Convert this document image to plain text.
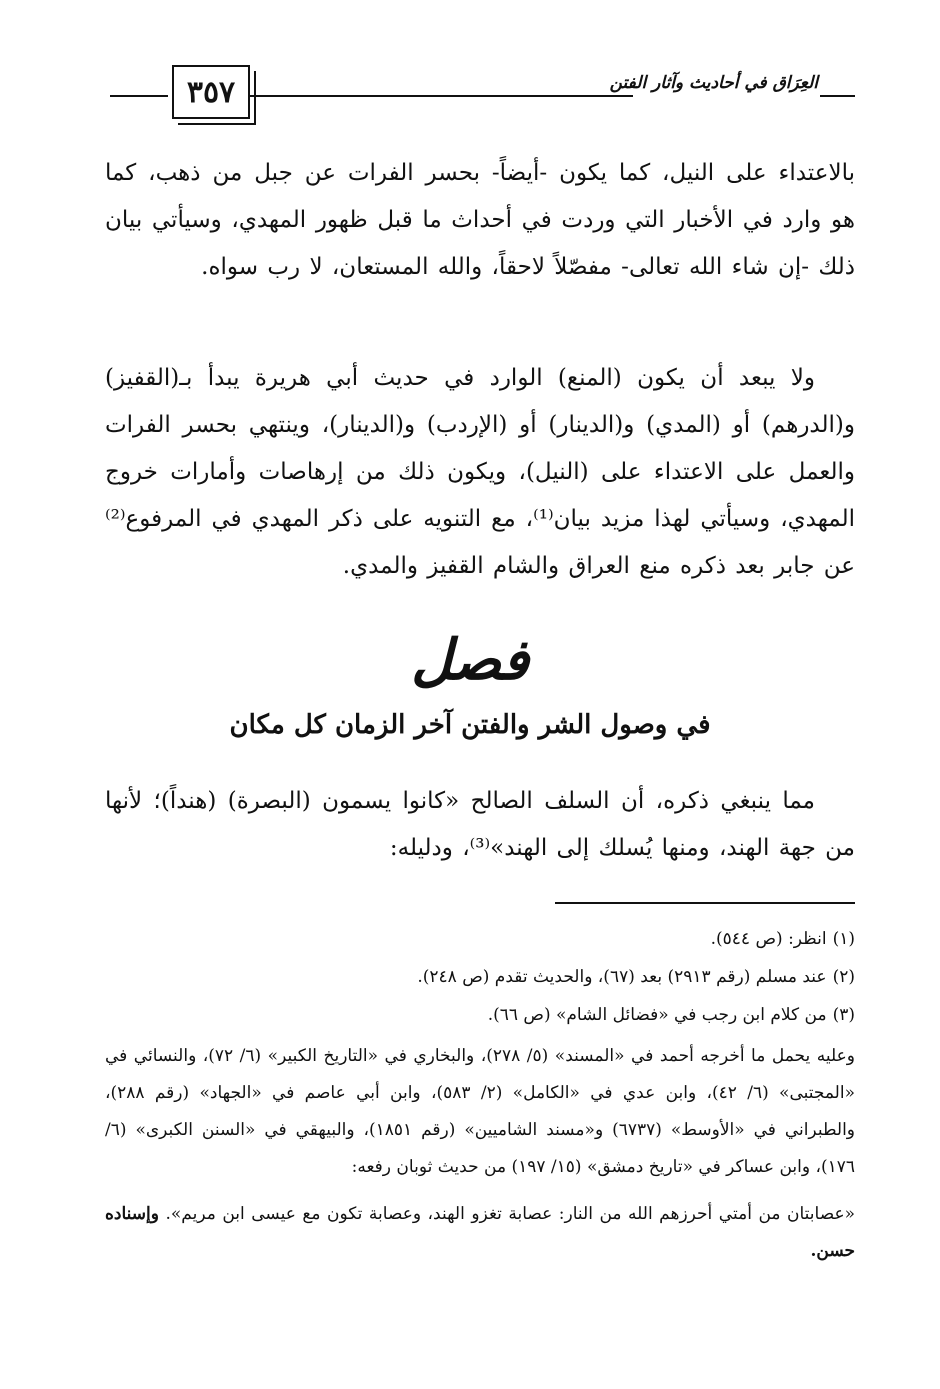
٣٥٧	العِرَاق في أحاديث وآثار الفتن
بالاعتداء على النيل، كما يكون -أيضاً- بحسر الفرات عن جبل من ذهب، كما هو وارد في الأخبار التي وردت في أحداث ما قبل ظهور المهدي، وسيأتي بيان ذلك -إن شاء الله تعالى- مفصّلاً لاحقاً، والله المستعان، لا رب سواه.
ولا يبعد أن يكون (المنع) الوارد في حديث أبي هريرة يبدأ بـ(القفيز) و(الدرهم) أو (المدي) و(الدينار) أو (الإردب) و(الدينار)، وينتهي بحسر الفرات والعمل على الاعتداء على (النيل)، ويكون ذلك من إرهاصات وأمارات خروج المهدي، وسيأتي لهذا مزيد بيان⁽¹⁾، مع التنويه على ذكر المهدي في المرفوع⁽²⁾ عن جابر بعد ذكره منع العراق والشام القفيز والمدي.
فصل
في وصول الشر والفتن آخر الزمان كل مكان
مما ينبغي ذكره، أن السلف الصالح «كانوا يسمون (البصرة) (هنداً)؛ لأنها من جهة الهند، ومنها يُسلك إلى الهند»⁽³⁾، ودليله:

(١)انظر: (ص ٥٤٤).

(٢)عند مسلم (رقم ٢٩١٣) بعد (٦٧)، والحديث تقدم (ص ٢٤٨).

(٣)من كلام ابن رجب في «فضائل الشام» (ص ٦٦).

وعليه يحمل ما أخرجه أحمد في «المسند» (٥/ ٢٧٨)، والبخاري في «التاريخ الكبير» (٦/ ٧٢)، والنسائي في «المجتبى» (٦/ ٤٢)، وابن عدي في «الكامل» (٢/ ٥٨٣)، وابن أبي عاصم في «الجهاد» (رقم ٢٨٨)، والطبراني في «الأوسط» (٦٧٣٧) و«مسند الشاميين» (رقم ١٨٥١)، والبيهقي في «السنن الكبرى» (٦/ ١٧٦)، وابن عساكر في «تاريخ دمشق» (١٥/ ١٩٧) من حديث ثوبان رفعه:

«عصابتان من أمتي أحرزهم الله من النار: عصابة تغزو الهند، وعصابة تكون مع عيسى ابن مريم». وإسناده حسن.
